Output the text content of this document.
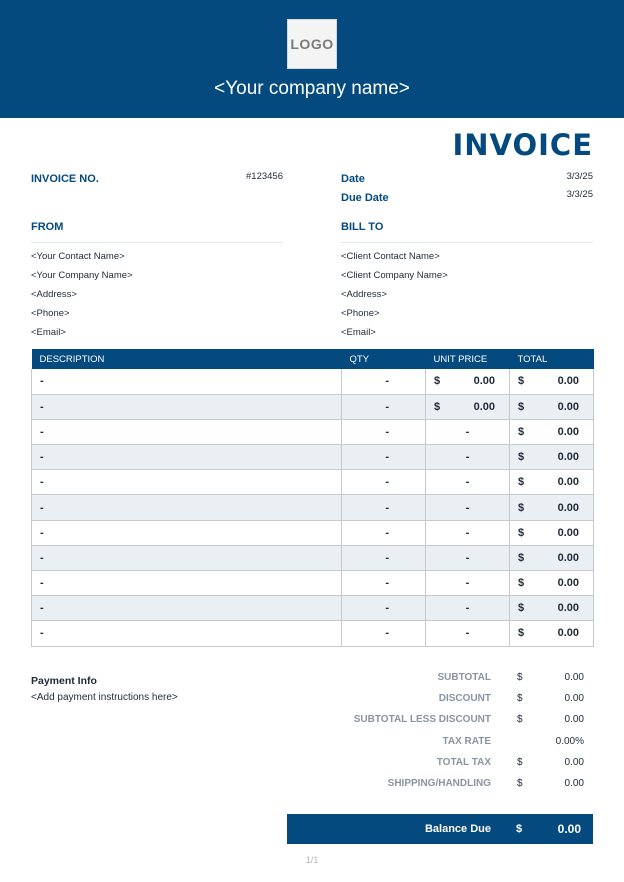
LOGO
<Your company name>
INVOICE
INVOICE NO.	#123456	Date	3/3/25
Due Date	3/3/25
FROM
<Your Contact Name>
<Your Company Name>
<Address>
<Phone>
<Email>
BILL TO
<Client Contact Name>
<Client Company Name>
<Address>
<Phone>
<Email>
DESCRIPTION	QTY	UNIT PRICE	TOTAL
-	-	$ 0.00	$ 0.00

-	-	$ 0.00	$ 0.00

-	-	-	$ 0.00

-	-	-	$ 0.00

-	-	-	$ 0.00

-	-	-	$ 0.00

-	-	-	$ 0.00

-	-	-	$ 0.00

-	-	-	$ 0.00

-	-	-	$ 0.00

-	-	-	$ 0.00
Payment Info
<Add payment instructions here>
SUBTOTAL	$	0.00
DISCOUNT	$	0.00
SUBTOTAL LESS DISCOUNT	$	0.00
TAX RATE	0.00%
TOTAL TAX	$	0.00
SHIPPING/HANDLING	$	0.00
Balance Due $	0.00
1/1
